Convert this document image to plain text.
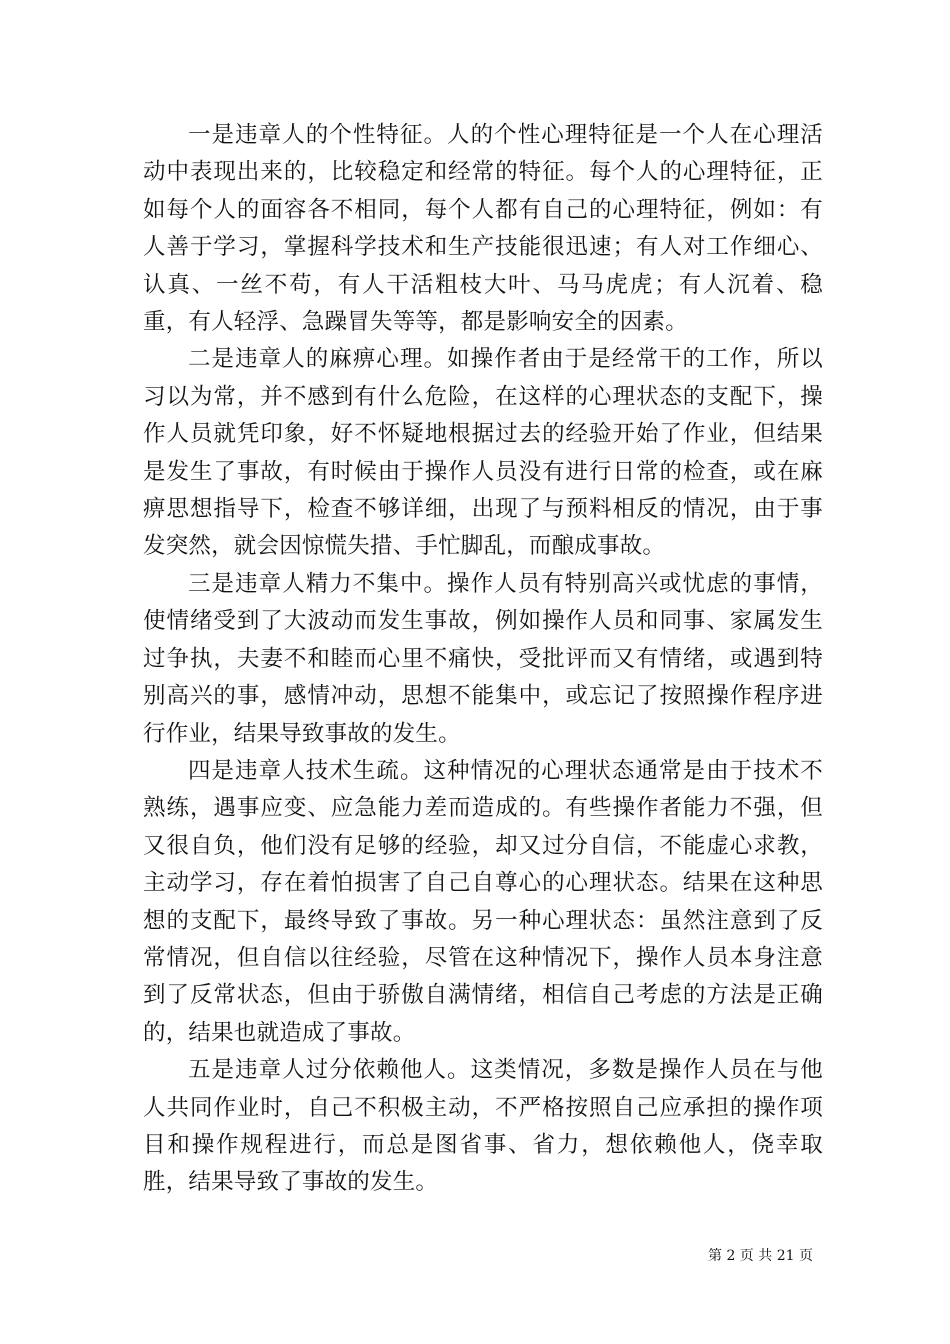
一是违章人的个性特征。人的个性心理特征是一个人在心理活动中表现出来的，比较稳定和经常的特征。每个人的心理特征，正如每个人的面容各不相同，每个人都有自己的心理特征，例如：有人善于学习，掌握科学技术和生产技能很迅速；有人对工作细心、认真、一丝不苟，有人干活粗枝大叶、马马虎虎；有人沉着、稳重，有人轻浮、急躁冒失等等，都是影响安全的因素。

二是违章人的麻痹心理。如操作者由于是经常干的工作，所以习以为常，并不感到有什么危险，在这样的心理状态的支配下，操作人员就凭印象，好不怀疑地根据过去的经验开始了作业，但结果是发生了事故，有时候由于操作人员没有进行日常的检查，或在麻痹思想指导下，检查不够详细，出现了与预料相反的情况，由于事发突然，就会因惊慌失措、手忙脚乱，而酿成事故。

三是违章人精力不集中。操作人员有特别高兴或忧虑的事情，使情绪受到了大波动而发生事故，例如操作人员和同事、家属发生过争执，夫妻不和睦而心里不痛快，受批评而又有情绪，或遇到特别高兴的事，感情冲动，思想不能集中，或忘记了按照操作程序进行作业，结果导致事故的发生。

四是违章人技术生疏。这种情况的心理状态通常是由于技术不熟练，遇事应变、应急能力差而造成的。有些操作者能力不强，但又很自负，他们没有足够的经验，却又过分自信，不能虚心求教，主动学习，存在着怕损害了自己自尊心的心理状态。结果在这种思想的支配下，最终导致了事故。另一种心理状态：虽然注意到了反常情况，但自信以往经验，尽管在这种情况下，操作人员本身注意到了反常状态，但由于骄傲自满情绪，相信自己考虑的方法是正确的，结果也就造成了事故。

五是违章人过分依赖他人。这类情况，多数是操作人员在与他人共同作业时，自己不积极主动，不严格按照自己应承担的操作项目和操作规程进行，而总是图省事、省力，想依赖他人，侥幸取胜，结果导致了事故的发生。

第 2 页 共 21 页
